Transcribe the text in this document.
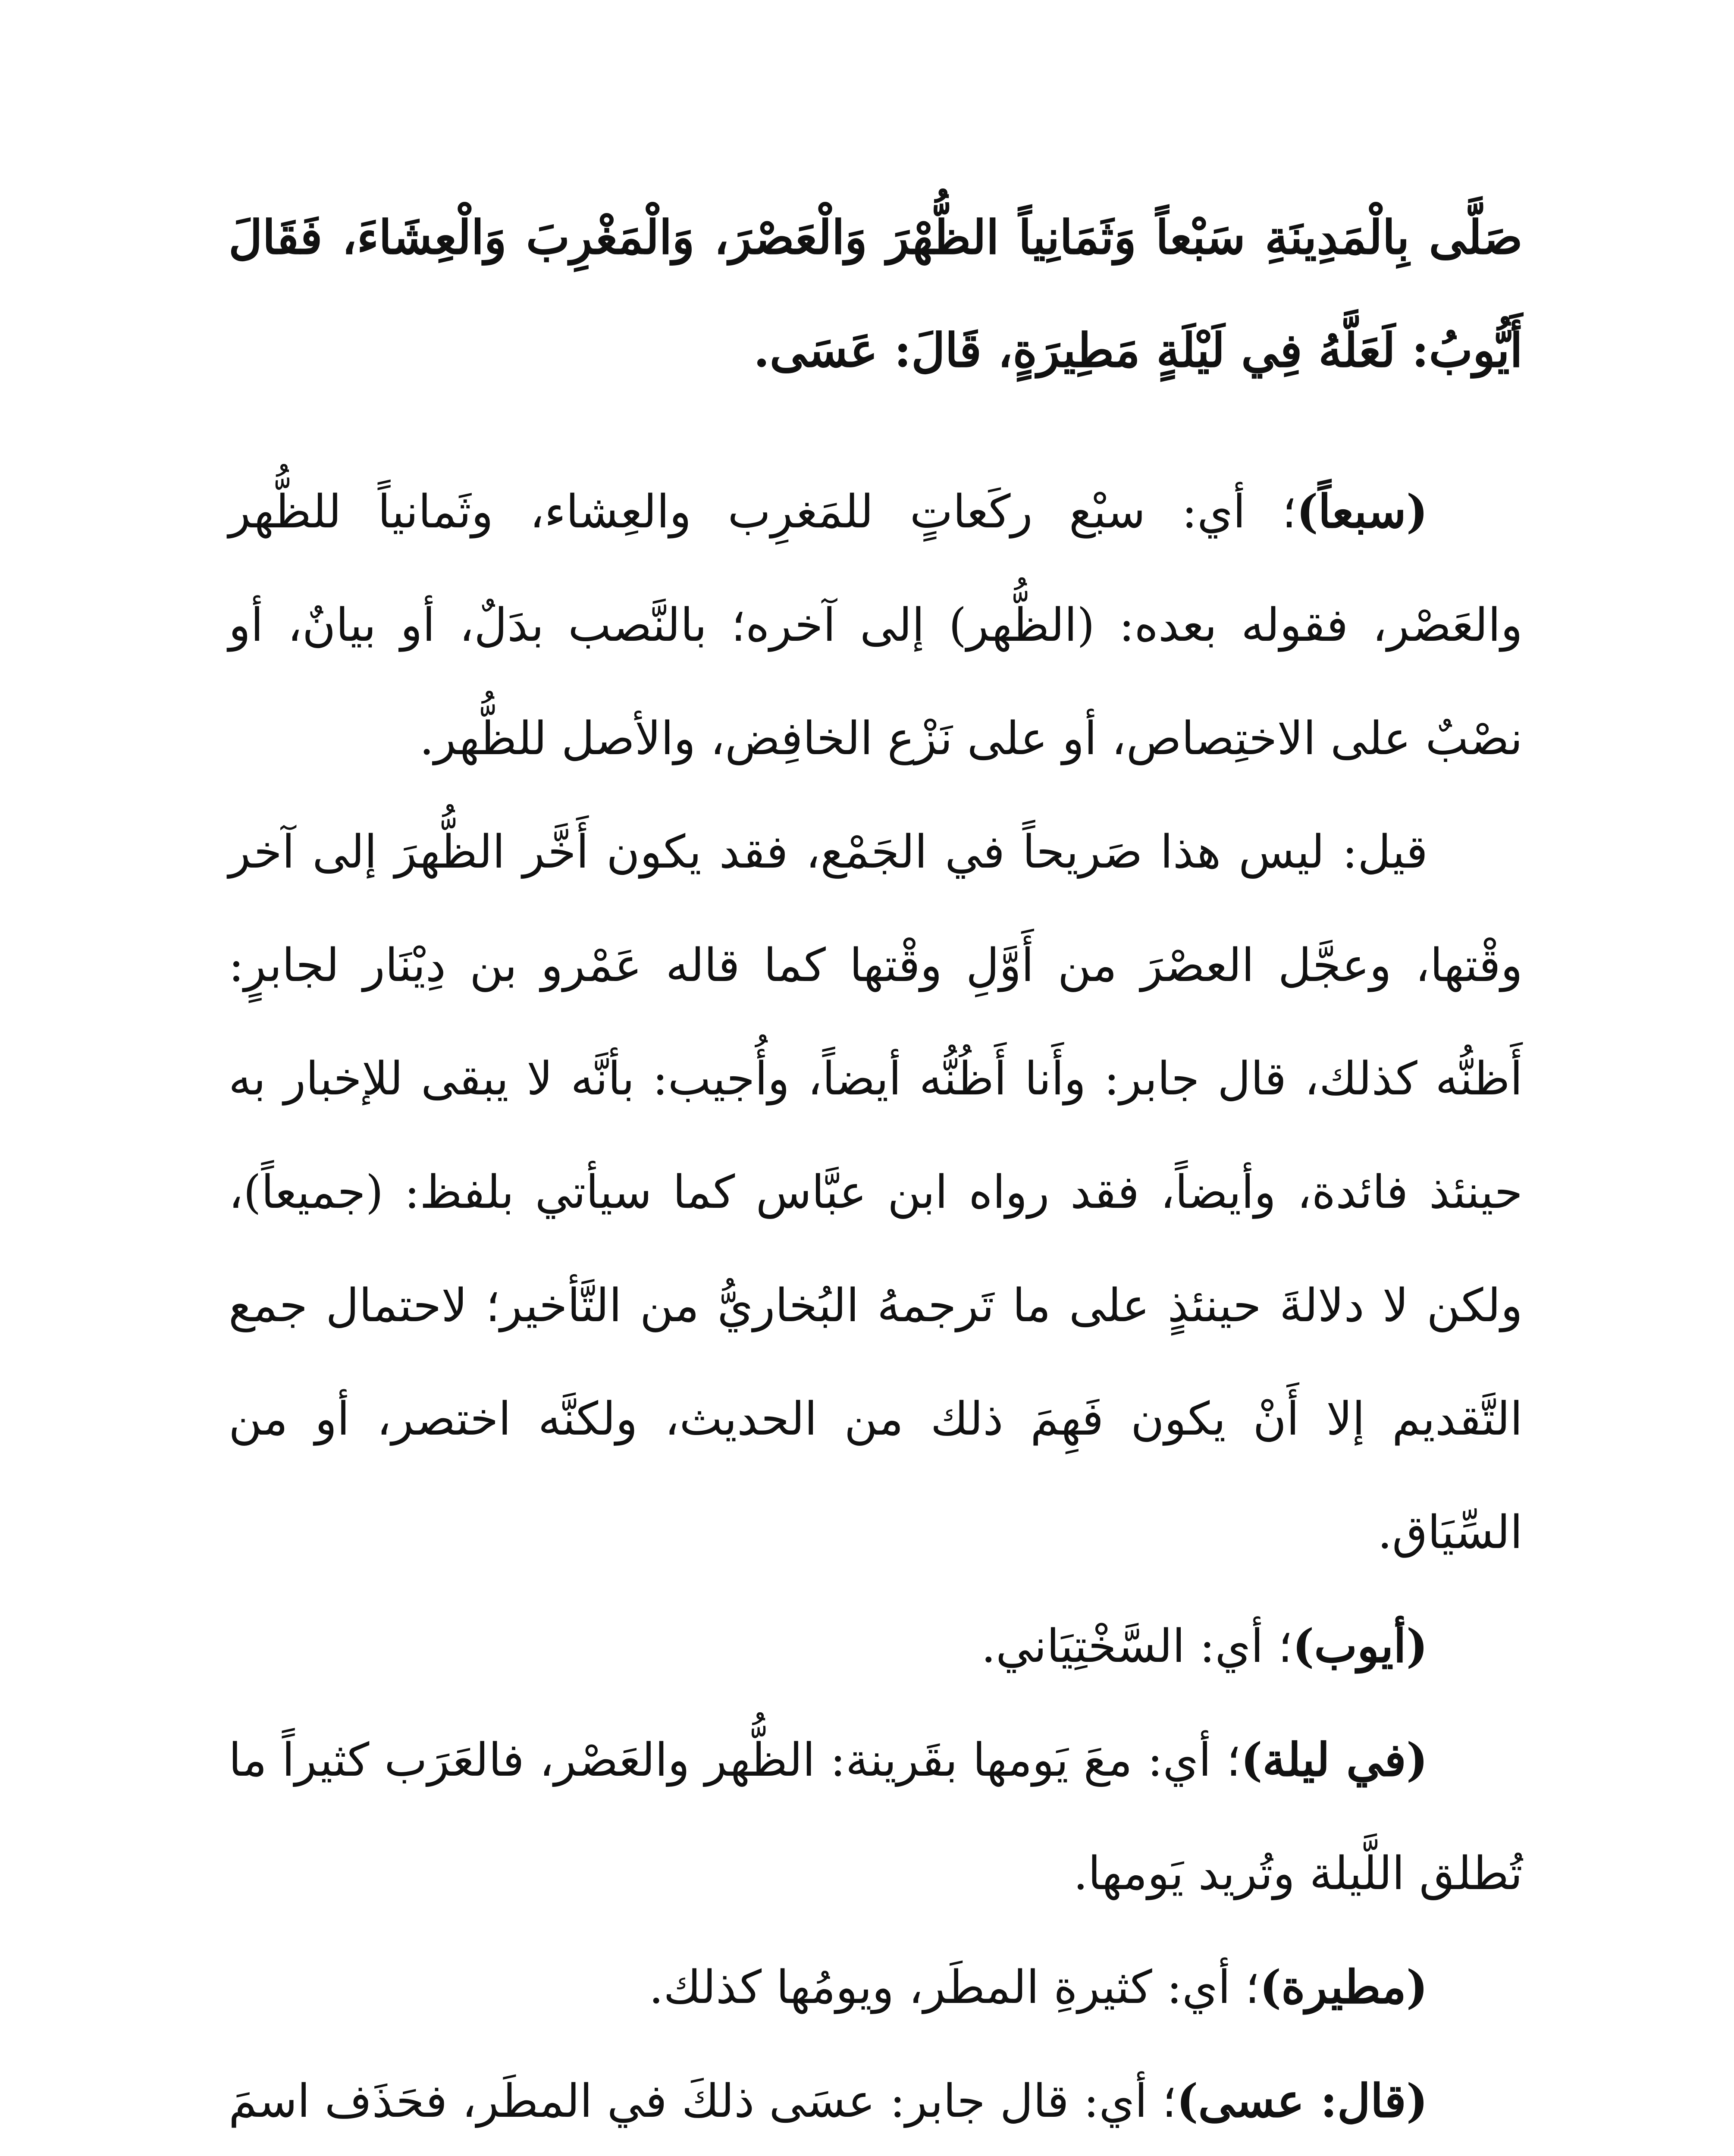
صَلَّى بِالْمَدِينَةِ سَبْعاً وَثَمَانِياً الظُّهْرَ وَالْعَصْرَ، وَالْمَغْرِبَ وَالْعِشَاءَ، فَقَالَ أَيُّوبُ: لَعَلَّهُ فِي لَيْلَةٍ مَطِيرَةٍ، قَالَ: عَسَى.

(سبعاً)؛ أي: سبْع ركَعاتٍ للمَغرِب والعِشاء، وثَمانياً للظُّهر والعَصْر، فقوله بعده: (الظُّهر) إلى آخره؛ بالنَّصب بدَلٌ، أو بيانٌ، أو نصْبٌ على الاختِصاص، أو على نَزْع الخافِض، والأصل للظُّهر.

قيل: ليس هذا صَريحاً في الجَمْع، فقد يكون أَخَّر الظُّهرَ إلى آخر وقْتها، وعجَّل العصْرَ من أَوَّلِ وقْتها كما قاله عَمْرو بن دِيْنَار لجابرٍ: أَظنُّه كذلك، قال جابر: وأَنا أَظُنُّه أيضاً، وأُجيب: بأنَّه لا يبقى للإخبار به حينئذ فائدة، وأيضاً، فقد رواه ابن عبَّاس كما سيأتي بلفظ: (جميعاً)، ولكن لا دلالةَ حينئذٍ على ما تَرجمهُ البُخاريُّ من التَّأخير؛ لاحتمال جمع التَّقديم إلا أَنْ يكون فَهِمَ ذلك من الحديث، ولكنَّه اختصر، أو من السِّيَاق.

(أيوب)؛ أي: السَّخْتِيَاني.

(في ليلة)؛ أي: معَ يَومها بقَرينة: الظُّهر والعَصْر، فالعَرَب كثيراً ما تُطلق اللَّيلة وتُريد يَومها.

(مطيرة)؛ أي: كثيرةِ المطَر، ويومُها كذلك.

(قال: عسى)؛ أي: قال جابر: عسَى ذلكَ في المطَر، فحَذَف اسمَ
